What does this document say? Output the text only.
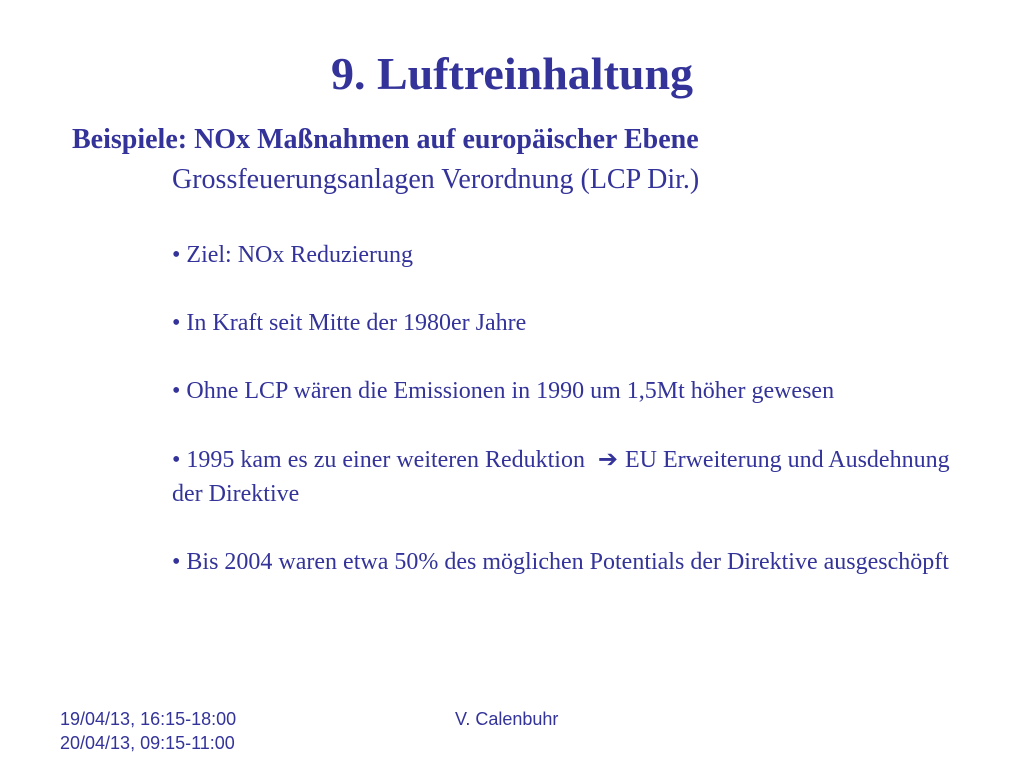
9. Luftreinhaltung
Beispiele: NOx Maßnahmen auf europäischer Ebene
Grossfeuerungsanlagen Verordnung (LCP Dir.)
• Ziel: NOx Reduzierung
• In Kraft seit Mitte der 1980er Jahre
• Ohne LCP wären die Emissionen in 1990 um 1,5Mt höher gewesen
• 1995 kam es zu einer weiteren Reduktion ➔ EU Erweiterung und Ausdehnung der Direktive
• Bis 2004 waren etwa 50% des möglichen Potentials der Direktive ausgeschöpft
19/04/13, 16:15-18:00
20/04/13, 09:15-11:00
V. Calenbuhr
